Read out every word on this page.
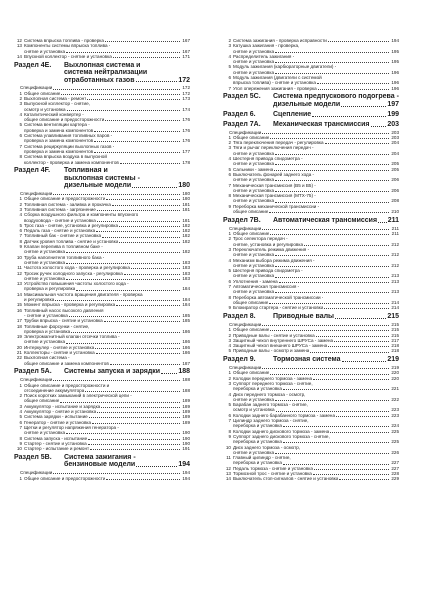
12 Система впрыска топлива - проверка	167
13 Компоненты системы впрыска топлива -
снятие и установка	167
14 Впускной коллектор - снятие и установка	171
Раздел 4E.	Выхлопная система и
система нейтрализации
отработанных газов	172
Спецификации	172
1 Общее описание	172
2 Выхлопная система - ремонт	173
3 Выпускной коллектор - снятие,
осмотр и установка	174
4 Каталитический конвертер -
общее описание и предосторожности	176
5 Система вентиляции картера -
проверка и замена компонентов	176
6 Система улавливания топливных паров -
проверка и замена компонентов	176
7 Система рециркуляции выхлопных газов -
проверка и замена компонентов	177
8 Система впрыска воздуха в выпускной
коллектор - проверка и замена компонентов	178
Раздел 4F.	Топливная и
выхлопная системы -
дизельные модели	180
Спецификации	180
1 Общее описание и предосторожности	180
2 Топливная система - заливка и прокачка	181
3 Топливная система - загрязнение	181
4 Сборка воздушного фильтра и компоненты впускного
воздуховода - снятие и установка	181
5 Трос газа - снятие, установка и регулировка	182
6 Педаль газа - снятие и установка	182
7 Топливный бак - снятие и установка	182
8 Датчик уровня топлива - снятие и установка	182
9 Клапан перелива в топливном баке -
снятие и установка	182
10 Труба наполнителя топливного бака -
снятие и установка	183
11 Частота холостого хода - проверка и регулировка	183
12 Тросик ручек холодного запуска - регулировка	183
снятие и установка	183
13 Устройство повышения частоты холостого хода -
проверка и регулировка	184
14 Максимальная частота вращения двигателя - проверка
и регулировка	184
15 Момент впрыска - проверка и регулировка	184
16 Топливный насос высокого давления
- снятие и установка	185
17 Трубки впрыска - снятие и установка	185
18 Топливные форсунки - снятие,
проверка и установка	186
19 Электромагнитный клапан отсечки топлива -
снятие и установка	186
20 Интеркулер - снятие и установка	186
21 Коллекторы - снятие и установка	186
22 Выхлопная система -
общее описание и замена компонентов	187
Раздел 5A.	Системы запуска и зарядки	188
Спецификации	188
1 Общее описание и предосторожности и
отсоединение аккумулятора	188
2 Поиск коротких замыканий в электрической цепи -
общее описание	189
3 Аккумулятор - испытание и зарядка	189
4 Аккумулятор - снятие и установка	189
5 Система зарядки - испытание	189
6 Генератор - снятие и установка	189
7 Щетки и регулятор напряжения генератора -
снятие и установка	190
8 Система запуска - испытание	190
9 Стартер - снятие и установка	190
10 Стартер - испытание и ремонт	191
Раздел 5B.	Система зажигания -
бензиновые модели	194
Спецификации	194
1 Общее описание и предосторожности	194
2 Система зажигания - проверка исправности	194
3 Катушка зажигания - проверка,
снятие и установка	195
4 Распределитель зажигания -
снятие и установка	195
5 Модуль зажигания (карбюраторные двигатели) -
снятие и установка	196
6 Модуль зажигания (двигатели с системой
впрыска топлива) - снятие и установка	196
7 Угол опережения зажигания - проверка	196
Раздел 5C.	Система предпускового подогрева -
дизельные модели	197
Раздел 6.	Сцепление	199
Раздел 7A.	Механическая трансмиссия	203
Спецификации	203
1 Общее описание	203
2 Тяга переключения передач - регулировка	204
3 Тяги и рычаг переключения передач -
снятие и установка	204
4 Шестерня привода спидометра -
снятие и установка	205
5 Сальники - замена	205
6 Выключатель фонарей заднего хода -
снятие и установка	206
7 Механическая трансмиссия (B5 и B5) -
снятие и установка	206
8 Механическая трансмиссия (МТХ-75) -
снятие и установка	208
9 Переборка механической трансмиссии -
общее описание	210
Раздел 7B.	Автоматическая трансмиссия 211
Спецификации	211
1 Общее описание	211
2 Трос селектора передач -
снятие, установка и регулировка	212
3 Переключатель режима движения -
снятие и установка	212
4 Механизм выбора режима движения -
снятие и установка	212
5 Шестерня привода спидометра -
снятие и установка	213
6 Уплотнения - замена	213
7 Автоматическая трансмиссия -
снятие и установка	213
8 Переборка автоматической трансмиссии -
общее описание	214
9 Блокиратор стартера - снятие и установка	214
Раздел 8.	Приводные валы	215
Спецификации	215
1 Общее описание	215
2 Приводные валы - снятие и установка	215
3 Защитный чехол внутреннего ШРУСа - замена	217
4 Защитный чехол внешнего ШРУСа - замена	218
5 Приводные валы - осмотр и замена	218
Раздел 9.	Тормозная система	219
Спецификации	219
1 Общее описание	220
2 Колодки переднего тормоза - замена	220
3 Суппорт переднего тормоза - снятие,
переборка и установка	221
4 Диск переднего тормоза - осмотр,
снятие и установка	222
5 Барабан заднего тормоза - снятие,
осмотр и установка	223
6 Колодки заднего барабанного тормоза - замена	223
7 Цилиндр заднего тормоза - снятие,
переборка и установка	224
8 Колодки заднего дискового тормоза - замена	225
9 Суппорт заднего дискового тормоза - снятие,
переборка и установка	225
10 Диск заднего тормоза - осмотр,
снятие и установка	226
11 Главный цилиндр - снятие,
переборка и установка	227
12 Педаль тормоза - снятие и установка	227
13 Тормозной трос - снятие и установка	228
14 Выключатель стоп-сигналов - снятие и установка	229
